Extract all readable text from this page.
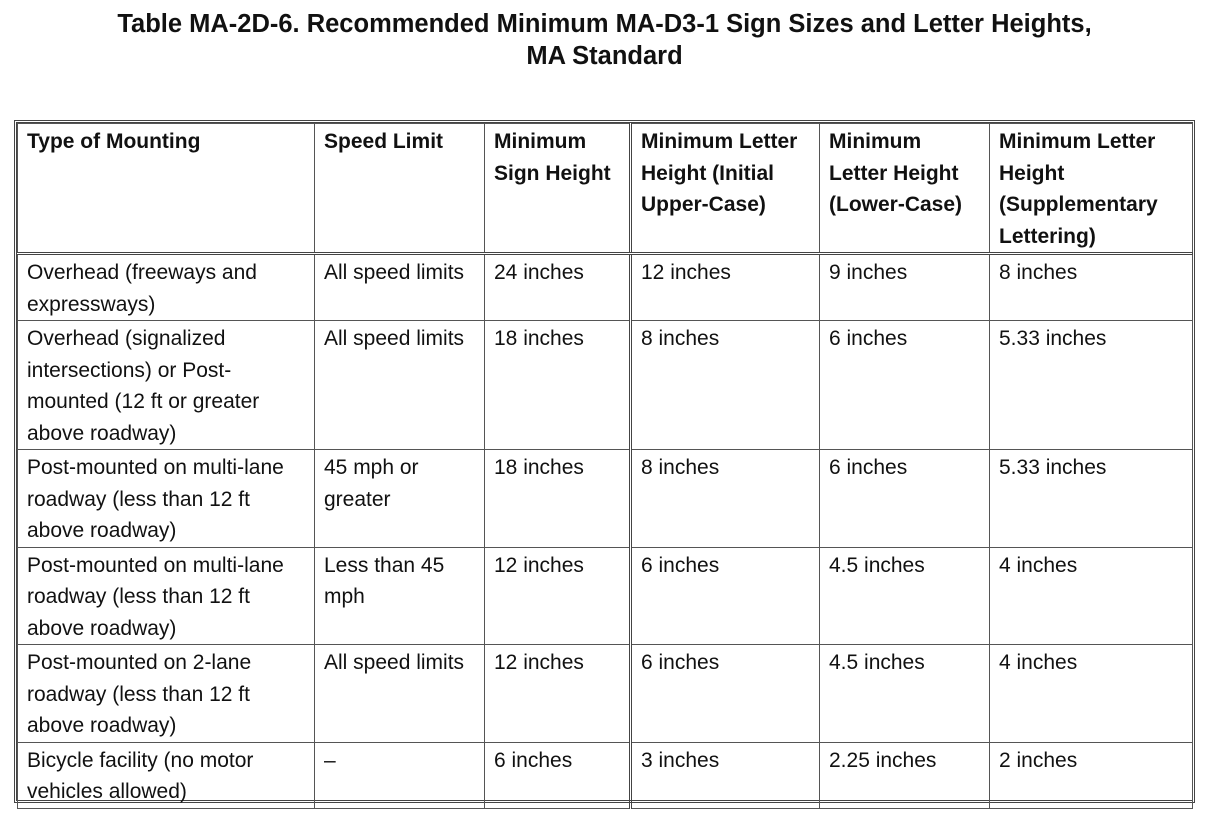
Table MA-2D-6. Recommended Minimum MA-D3-1 Sign Sizes and Letter Heights,
MA Standard
Type of Mounting	Speed Limit	Minimum Sign Height	Minimum Letter Height (Initial Upper-Case)	Minimum Letter Height (Lower-Case)	Minimum Letter Height (Supplementary Lettering)
Overhead (freeways and expressways)	All speed limits	24 inches	12 inches	9 inches	8 inches
Overhead (signalized intersections) or Post-mounted (12 ft or greater above roadway)	All speed limits	18 inches	8 inches	6 inches	5.33 inches
Post-mounted on multi-lane roadway (less than 12 ft above roadway)	45 mph or greater	18 inches	8 inches	6 inches	5.33 inches
Post-mounted on multi-lane roadway (less than 12 ft above roadway)	Less than 45 mph	12 inches	6 inches	4.5 inches	4 inches
Post-mounted on 2-lane roadway (less than 12 ft above roadway)	All speed limits	12 inches	6 inches	4.5 inches	4 inches
Bicycle facility (no motor vehicles allowed)	–	6 inches	3 inches	2.25 inches	2 inches
